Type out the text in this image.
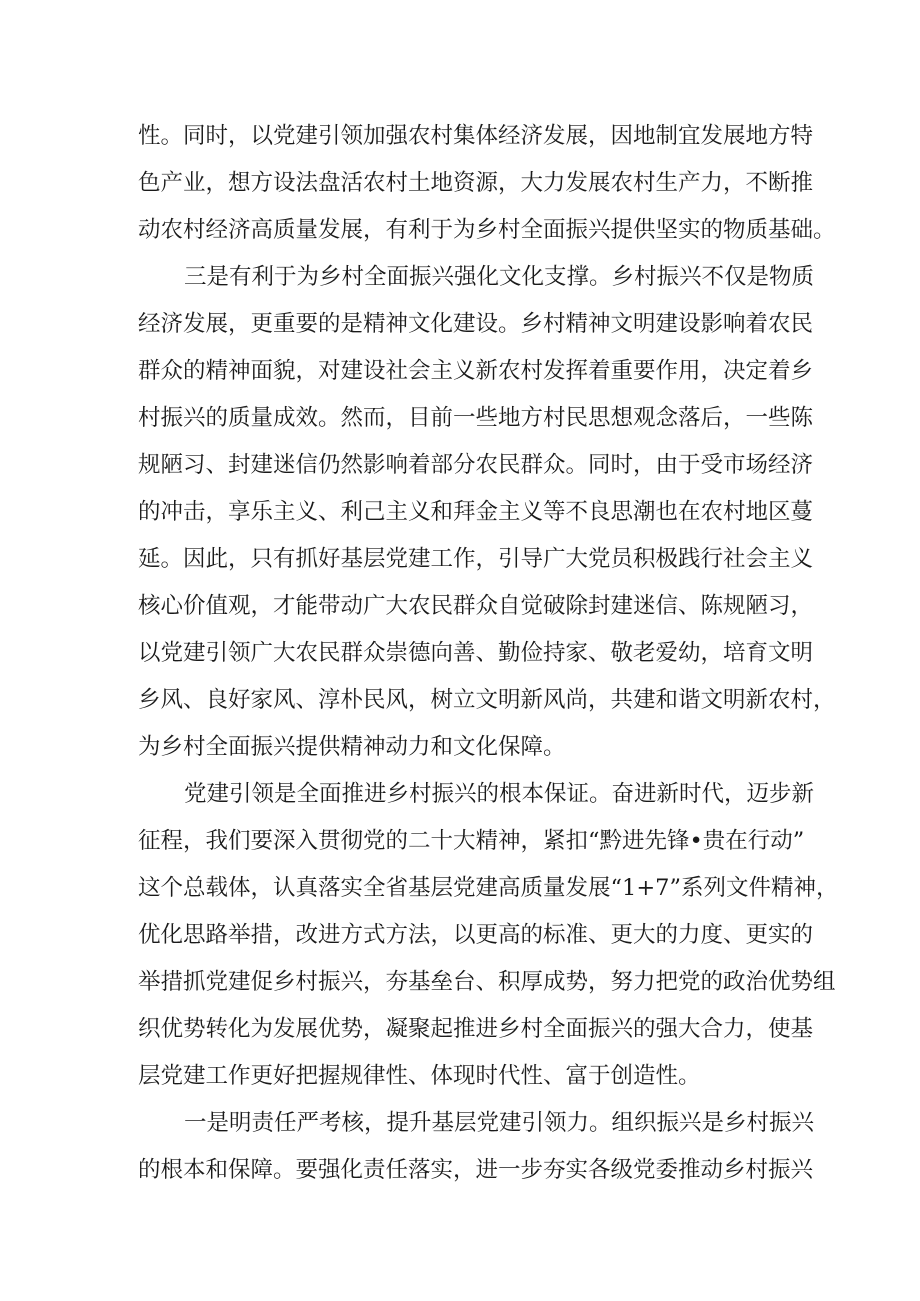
性。同时，以党建引领加强农村集体经济发展，因地制宜发展地方特
色产业，想方设法盘活农村土地资源，大力发展农村生产力，不断推
动农村经济高质量发展，有利于为乡村全面振兴提供坚实的物质基础。
三是有利于为乡村全面振兴强化文化支撑。乡村振兴不仅是物质
经济发展，更重要的是精神文化建设。乡村精神文明建设影响着农民
群众的精神面貌，对建设社会主义新农村发挥着重要作用，决定着乡
村振兴的质量成效。然而，目前一些地方村民思想观念落后，一些陈
规陋习、封建迷信仍然影响着部分农民群众。同时，由于受市场经济
的冲击，享乐主义、利己主义和拜金主义等不良思潮也在农村地区蔓
延。因此，只有抓好基层党建工作，引导广大党员积极践行社会主义
核心价值观，才能带动广大农民群众自觉破除封建迷信、陈规陋习，
以党建引领广大农民群众崇德向善、勤俭持家、敬老爱幼，培育文明
乡风、良好家风、淳朴民风，树立文明新风尚，共建和谐文明新农村，
为乡村全面振兴提供精神动力和文化保障。
党建引领是全面推进乡村振兴的根本保证。奋进新时代，迈步新
征程，我们要深入贯彻党的二十大精神，紧扣“黔进先锋•贵在行动”
这个总载体，认真落实全省基层党建高质量发展“1+7”系列文件精神，
优化思路举措，改进方式方法，以更高的标准、更大的力度、更实的
举措抓党建促乡村振兴，夯基垒台、积厚成势，努力把党的政治优势组
织优势转化为发展优势，凝聚起推进乡村全面振兴的强大合力，使基
层党建工作更好把握规律性、体现时代性、富于创造性。
一是明责任严考核，提升基层党建引领力。组织振兴是乡村振兴
的根本和保障。要强化责任落实，进一步夯实各级党委推动乡村振兴
